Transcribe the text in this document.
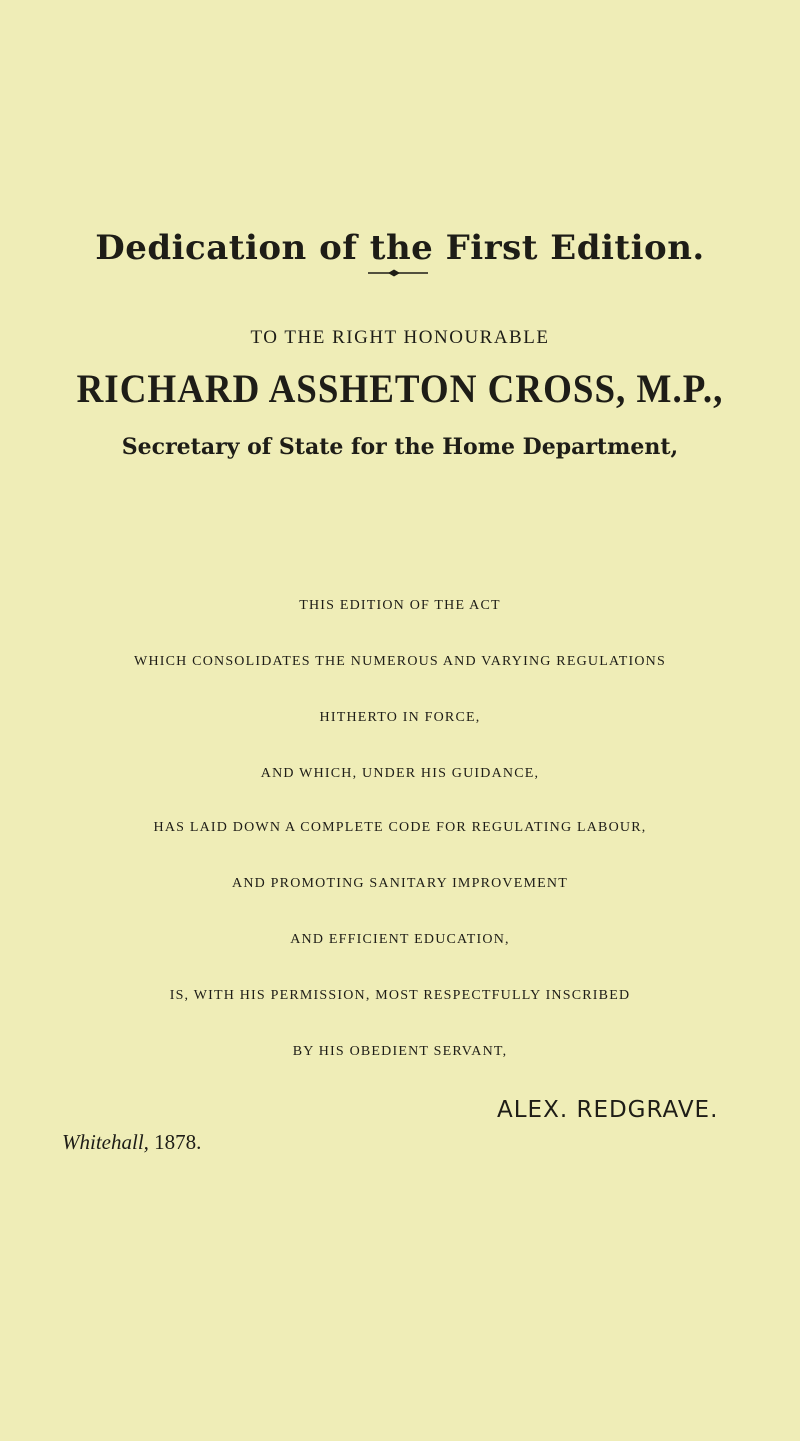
Dedication of the First Edition.
TO THE RIGHT HONOURABLE
RICHARD ASSHETON CROSS, M.P.,
Secretary of State for the Home Department,
THIS EDITION OF THE ACT
WHICH CONSOLIDATES THE NUMEROUS AND VARYING REGULATIONS
HITHERTO IN FORCE,
AND WHICH, UNDER HIS GUIDANCE,
HAS LAID DOWN A COMPLETE CODE FOR REGULATING LABOUR,
AND PROMOTING SANITARY IMPROVEMENT
AND EFFICIENT EDUCATION,
IS, WITH HIS PERMISSION, MOST RESPECTFULLY INSCRIBED
BY HIS OBEDIENT SERVANT,
ALEX. REDGRAVE.
Whitehall, 1878.
